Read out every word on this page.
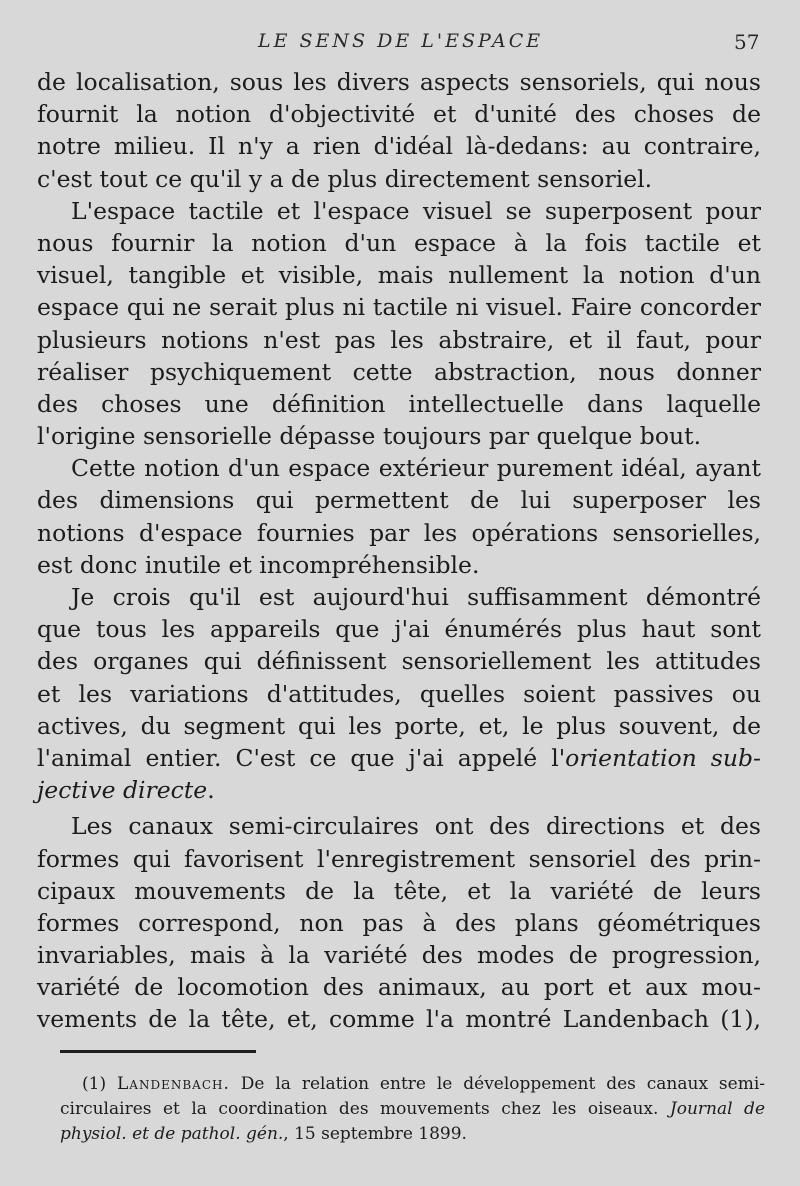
LE SENS DE L'ESPACE	57
de localisation, sous les divers aspects sensoriels, qui nous
fournit la notion d'objectivité et d'unité des choses de
notre milieu. Il n'y a rien d'idéal là-dedans: au contraire,
c'est tout ce qu'il y a de plus directement sensoriel.
L'espace tactile et l'espace visuel se superposent pour
nous fournir la notion d'un espace à la fois tactile et
visuel, tangible et visible, mais nullement la notion d'un
espace qui ne serait plus ni tactile ni visuel. Faire concorder
plusieurs notions n'est pas les abstraire, et il faut, pour
réaliser psychiquement cette abstraction, nous donner
des choses une définition intellectuelle dans laquelle
l'origine sensorielle dépasse toujours par quelque bout.
Cette notion d'un espace extérieur purement idéal, ayant
des dimensions qui permettent de lui superposer les
notions d'espace fournies par les opérations sensorielles,
est donc inutile et incompréhensible.
Je crois qu'il est aujourd'hui suffisamment démontré
que tous les appareils que j'ai énumérés plus haut sont
des organes qui définissent sensoriellement les attitudes
et les variations d'attitudes, quelles soient passives ou
actives, du segment qui les porte, et, le plus souvent, de
l'animal entier. C'est ce que j'ai appelé l'orientation sub-
jective directe.
Les canaux semi-circulaires ont des directions et des
formes qui favorisent l'enregistrement sensoriel des prin-
cipaux mouvements de la tête, et la variété de leurs
formes correspond, non pas à des plans géométriques
invariables, mais à la variété des modes de progression,
variété de locomotion des animaux, au port et aux mou-
vements de la tête, et, comme l'a montré Landenbach (1),
(1) Landenbach. De la relation entre le développement des canaux semi-
circulaires et la coordination des mouvements chez les oiseaux. Journal de
physiol. et de pathol. gén., 15 septembre 1899.
